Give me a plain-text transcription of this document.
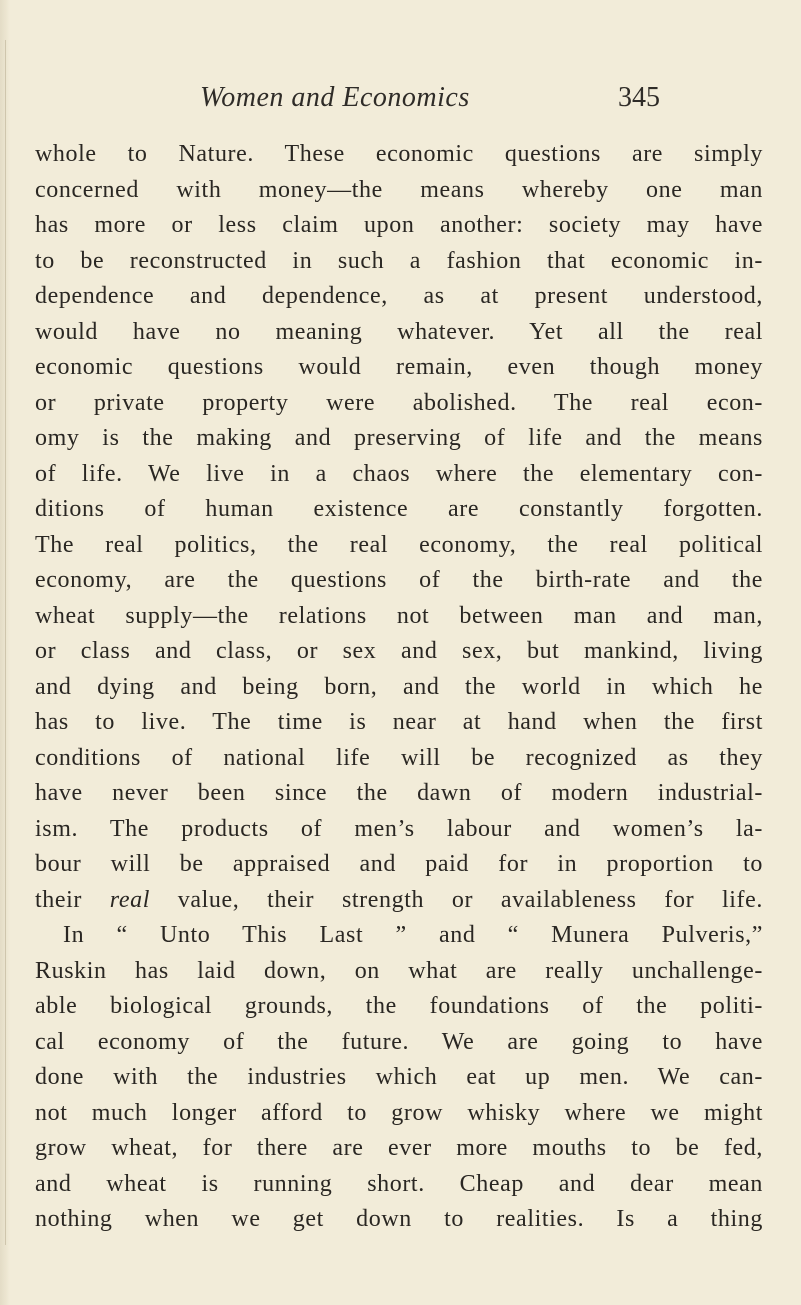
Women and Economics	345
whole to Nature. These economic questions are simply
concerned with money—the means whereby one man
has more or less claim upon another: society may have
to be reconstructed in such a fashion that economic in-
dependence and dependence, as at present understood,
would have no meaning whatever. Yet all the real
economic questions would remain, even though money
or private property were abolished. The real econ-
omy is the making and preserving of life and the means
of life. We live in a chaos where the elementary con-
ditions of human existence are constantly forgotten.
The real politics, the real economy, the real political
economy, are the questions of the birth-rate and the
wheat supply—the relations not between man and man,
or class and class, or sex and sex, but mankind, living
and dying and being born, and the world in which he
has to live. The time is near at hand when the first
conditions of national life will be recognized as they
have never been since the dawn of modern industrial-
ism. The products of men’s labour and women’s la-
bour will be appraised and paid for in proportion to
their real value, their strength or availableness for life.
In “ Unto This Last ” and “ Munera Pulveris,”
Ruskin has laid down, on what are really unchallenge-
able biological grounds, the foundations of the politi-
cal economy of the future. We are going to have
done with the industries which eat up men. We can-
not much longer afford to grow whisky where we might
grow wheat, for there are ever more mouths to be fed,
and wheat is running short. Cheap and dear mean
nothing when we get down to realities. Is a thing
